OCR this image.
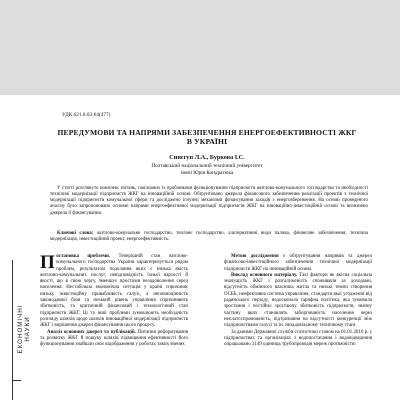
УДК 621.8.03:64(477)
ПЕРЕДУМОВИ ТА НАПРЯМИ ЗАБЕЗПЕЧЕННЯ ЕНЕРГОЕФЕКТИВНОСТІ ЖКГ
В УКРАЇНІ
Синєгуп Л.А., Буркова І.С.
Полтавський національний технічний університет
імені Юрія Кондратюка
У статті розглянуто комплекс питань, пов'язаних із проблемами функціонування підприємств житлово-комунального господарства та необхідності технічної модернізації підприємств ЖКГ на інноваційній основі. Обґрунтовано джерела фінансового забезпечення реалізації проектів з технічної модернізації підприємств комунальної сфери та досліджено існуючі механізми фінансування заходів з енергозбереження. На основі проведеного аналізу було запропоновано основні напрями енергоефективної модернізації підприємств ЖКГ на інноваційно-інвестиційній основі та визначено джерела її фінансування.
Ключові слова: житлово-комунальне господарство, тепловє господарство, альтернативні види палива, фінансове забезпечення, технічна модернізація, інвестиційний проект, енергоефективність.

Постановка проблеми. Теперішній стан житлово-комунального господарства України характеризується рядом проблем, результатом подолання яких є низька якість житлово-комунальних послуг, невідповідність їхньої вартості й якості, що в свою чергу, зменшує простими незадоволення серед населення. Нестабільна економічна ситуація у країні спричиняє низьку інвестиційну привабливість галузі, а неповноцінність законодавчої бази та низький рівень управління спричиняють збитковість, та критичний фінансовий і технологічний стан підприємств ЖКГ. Ці та інші проблеми зумовлюють необхідність розгляду шляхів щодо шляхів інноваційної модернізації підприємств ЖКГ і вирішення джерел фінансування цього процесу.

Аналіз основних джерел та публікацій. Питання реформування та розвитку ЖКГ й пошуку шляхів підвищення ефективності його функціонування знайшли своє відображення у роботах таких вчених

Метою дослідження є обґрунтування напрямів та джерел фінансово-інвестиційного забезпечення технічної модернізації підприємств ЖКГ на інноваційній основі.

Виклад основного матеріалу. Такі фактори як якісна соціальна значущість ЖКГ і розгалуженість споживачів за доходами, відсутність обмінного власника житла та низькі темпи створення ОСББ, неефективна система управління, стандарти якої угодженні від радянського періоду, недосконала тарифна політика, яка зумовила зростання і постійно зростаючу збитковість підприємств, значну частину яких становлять заборгованість населення через неплатоспроможність, підтримання на відсутності конкуренції між підприємствами галузі та ін. незадовільному технічному стані.

За даними Державної служби статистики станом на 01.01.2016 р. у підприємствах та організаціях з водопостачання і водовідведення опрацьовано 3149 одиниць трубопроводів мереж протяжністю

ЕКОНОМІЧНІ НАУКИ
